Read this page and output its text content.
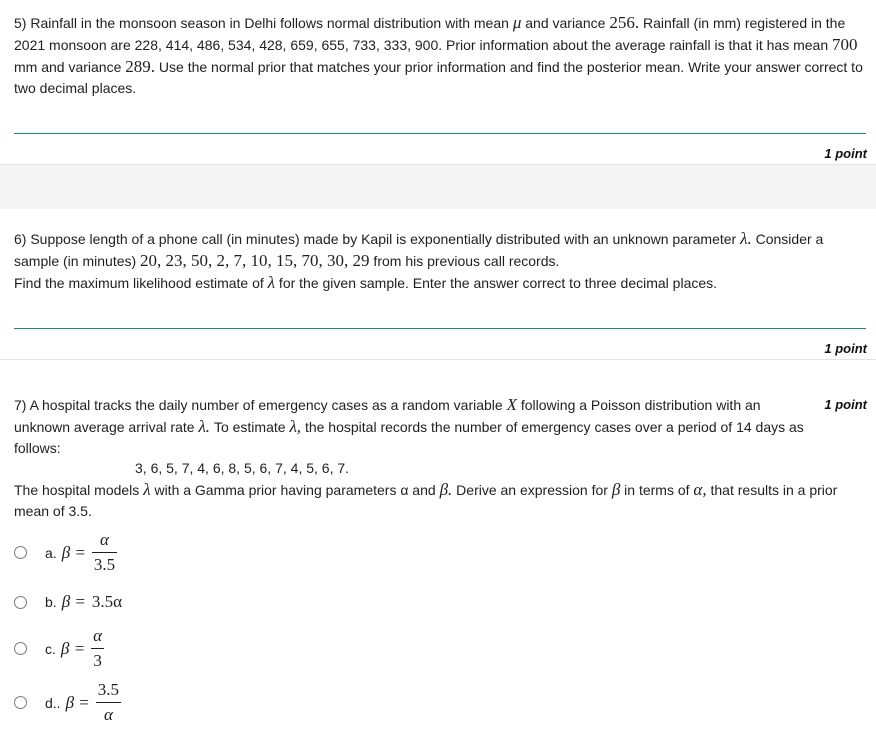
5) Rainfall in the monsoon season in Delhi follows normal distribution with mean μ and variance 256. Rainfall (in mm) registered in the 2021 monsoon are 228, 414, 486, 534, 428, 659, 655, 733, 333, 900. Prior information about the average rainfall is that it has mean 700 mm and variance 289. Use the normal prior that matches your prior information and find the posterior mean. Write your answer correct to two decimal places.

1 point

6) Suppose length of a phone call (in minutes) made by Kapil is exponentially distributed with an unknown parameter λ. Consider a sample (in minutes) 20, 23, 50, 2, 7, 10, 15, 70, 30, 29 from his previous call records.

Find the maximum likelihood estimate of λ for the given sample. Enter the answer correct to three decimal places.

1 point
1 point

7) A hospital tracks the daily number of emergency cases as a random variable X following a Poisson distribution with an unknown average arrival rate λ. To estimate λ, the hospital records the number of emergency cases over a period of 14 days as follows:

3, 6, 5, 7, 4, 6, 8, 5, 6, 7, 4, 5, 6, 7.

The hospital models λ with a Gamma prior having parameters α and β. Derive an expression for β in terms of α, that results in a prior mean of 3.5.

a. $\beta = \frac{\alpha}{3.5}$
b. β = 3.5α
c. $\beta = \frac{\alpha}{3}$
d.. $\beta = \frac{3.5}{\alpha}$
